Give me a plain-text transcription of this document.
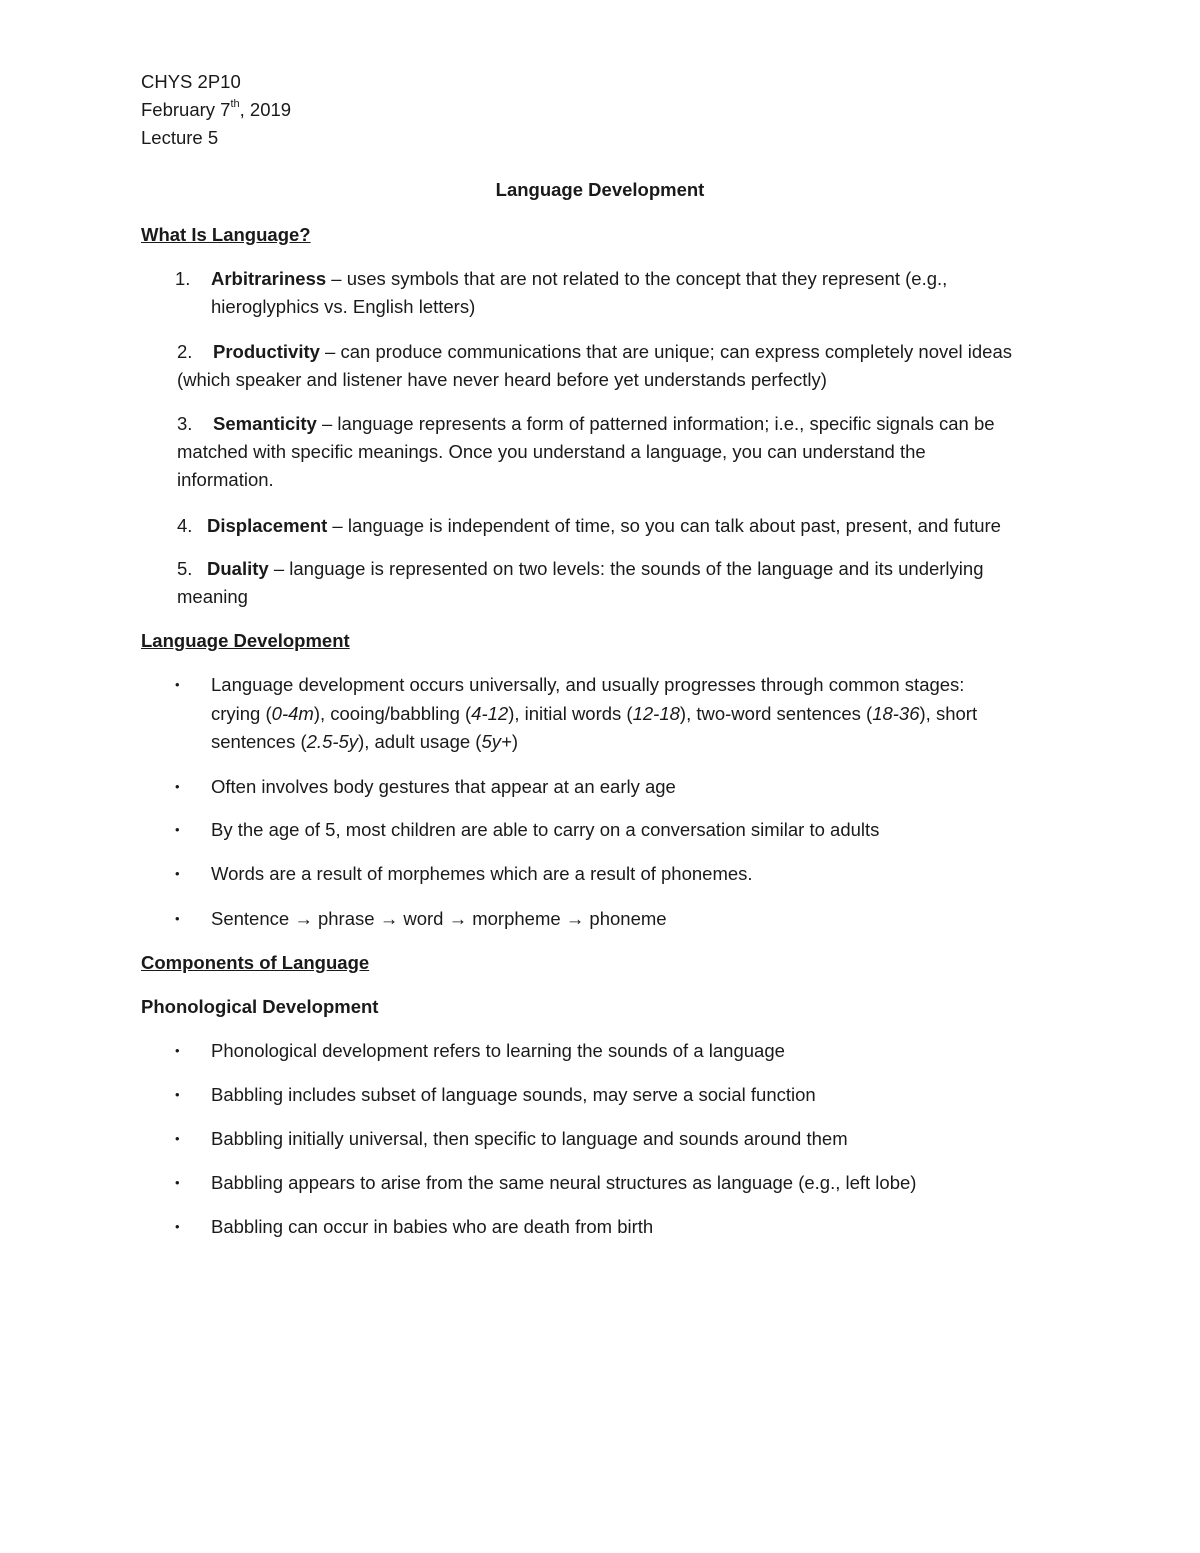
CHYS 2P10
February 7th, 2019
Lecture 5
Language Development
What Is Language?
1. Arbitrariness – uses symbols that are not related to the concept that they represent (e.g.,
hieroglyphics vs. English letters)
2. Productivity – can produce communications that are unique; can express completely novel ideas
(which speaker and listener have never heard before yet understands perfectly)
3. Semanticity – language represents a form of patterned information; i.e., specific signals can be
matched with specific meanings. Once you understand a language, you can understand the
information.
4. Displacement – language is independent of time, so you can talk about past, present, and future
5. Duality – language is represented on two levels: the sounds of the language and its underlying
meaning
Language Development
• Language development occurs universally, and usually progresses through common stages:
crying (0-4m), cooing/babbling (4-12), initial words (12-18), two-word sentences (18-36), short
sentences (2.5-5y), adult usage (5y+)
• Often involves body gestures that appear at an early age
• By the age of 5, most children are able to carry on a conversation similar to adults
• Words are a result of morphemes which are a result of phonemes.
• Sentence → phrase → word → morpheme → phoneme
Components of Language
Phonological Development
• Phonological development refers to learning the sounds of a language
• Babbling includes subset of language sounds, may serve a social function
• Babbling initially universal, then specific to language and sounds around them
• Babbling appears to arise from the same neural structures as language (e.g., left lobe)
• Babbling can occur in babies who are death from birth
